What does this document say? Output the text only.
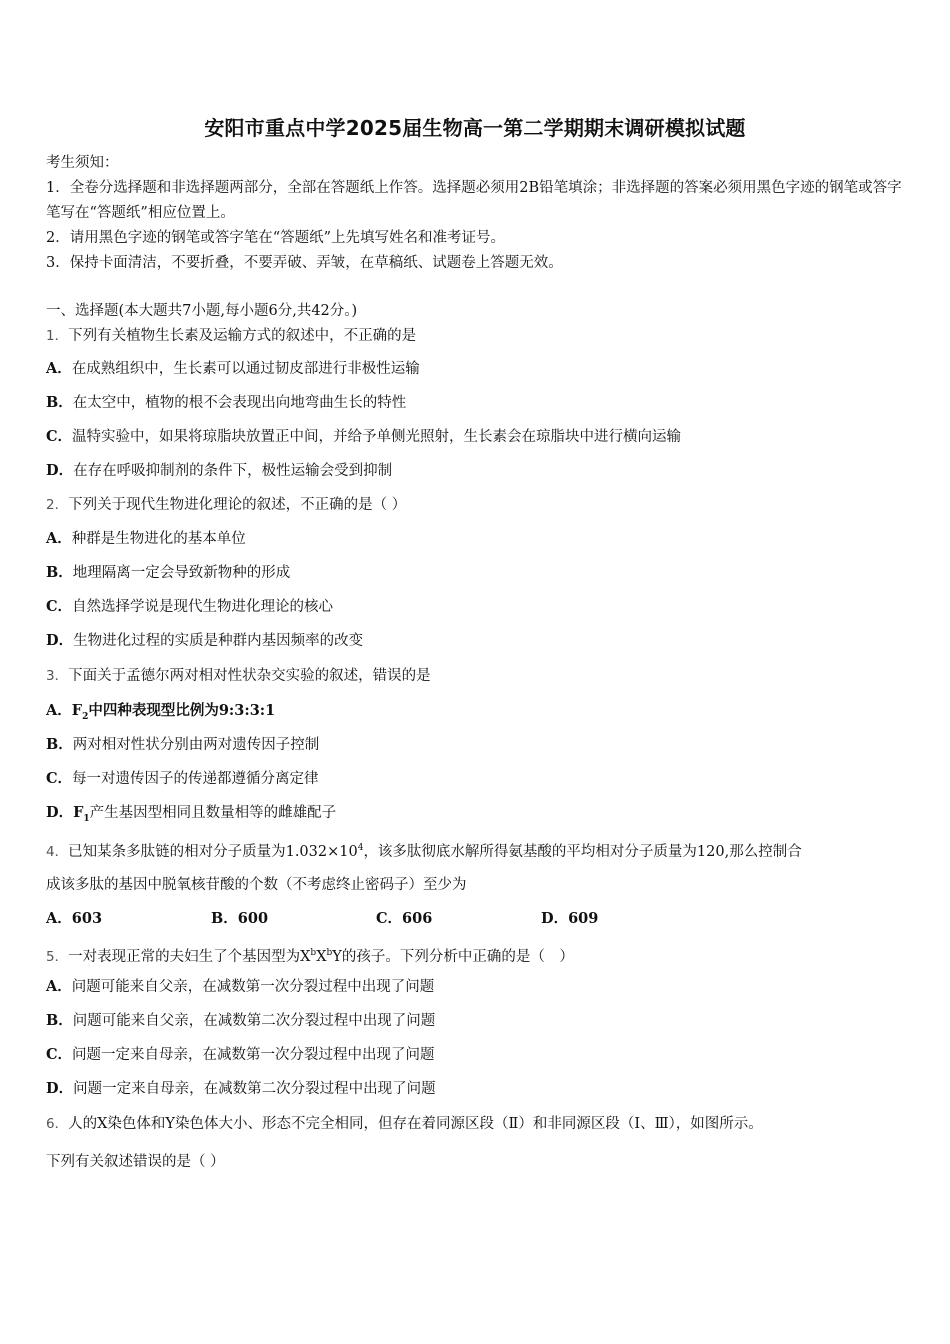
安阳市重点中学2025届生物高一第二学期期末调研模拟试题
考生须知：
1．全卷分选择题和非选择题两部分，全部在答题纸上作答。选择题必须用2B铅笔填涂；非选择题的答案必须用黑色字迹的钢笔或答字笔写在“答题纸”相应位置上。
2．请用黑色字迹的钢笔或答字笔在“答题纸”上先填写姓名和准考证号。
3．保持卡面清洁，不要折叠，不要弄破、弄皱，在草稿纸、试题卷上答题无效。
一、选择题(本大题共7小题,每小题6分,共42分。)
1．下列有关植物生长素及运输方式的叙述中，不正确的是
A．在成熟组织中，生长素可以通过韧皮部进行非极性运输
B．在太空中，植物的根不会表现出向地弯曲生长的特性
C．温特实验中，如果将琼脂块放置正中间，并给予单侧光照射，生长素会在琼脂块中进行横向运输
D．在存在呼吸抑制剂的条件下，极性运输会受到抑制
2．下列关于现代生物进化理论的叙述，不正确的是（ ）
A．种群是生物进化的基本单位
B．地理隔离一定会导致新物种的形成
C．自然选择学说是现代生物进化理论的核心
D．生物进化过程的实质是种群内基因频率的改变
3．下面关于孟德尔两对相对性状杂交实验的叙述，错误的是
A．$F_2$中四种表现型比例为9:3:3:1
B．两对相对性状分别由两对遗传因子控制
C．每一对遗传因子的传递都遵循分离定律
D．$F_1$产生基因型相同且数量相等的雌雄配子
4．已知某条多肽链的相对分子质量为$1.032\times 10^4$，该多肽彻底水解所得氨基酸的平均相对分子质量为120,那么控制合
成该多肽的基因中脱氧核苷酸的个数（不考虑终止密码子）至少为
A．603	B．600	C．606	D．609
5．一对表现正常的夫妇生了个基因型为$X^bX^bY$的孩子。下列分析中正确的是（　）
A．问题可能来自父亲，在减数第一次分裂过程中出现了问题
B．问题可能来自父亲，在减数第二次分裂过程中出现了问题
C．问题一定来自母亲，在减数第一次分裂过程中出现了问题
D．问题一定来自母亲，在减数第二次分裂过程中出现了问题
6．人的X染色体和Y染色体大小、形态不完全相同，但存在着同源区段（Ⅱ）和非同源区段（Ⅰ、Ⅲ），如图所示。
下列有关叙述错误的是（ ）
